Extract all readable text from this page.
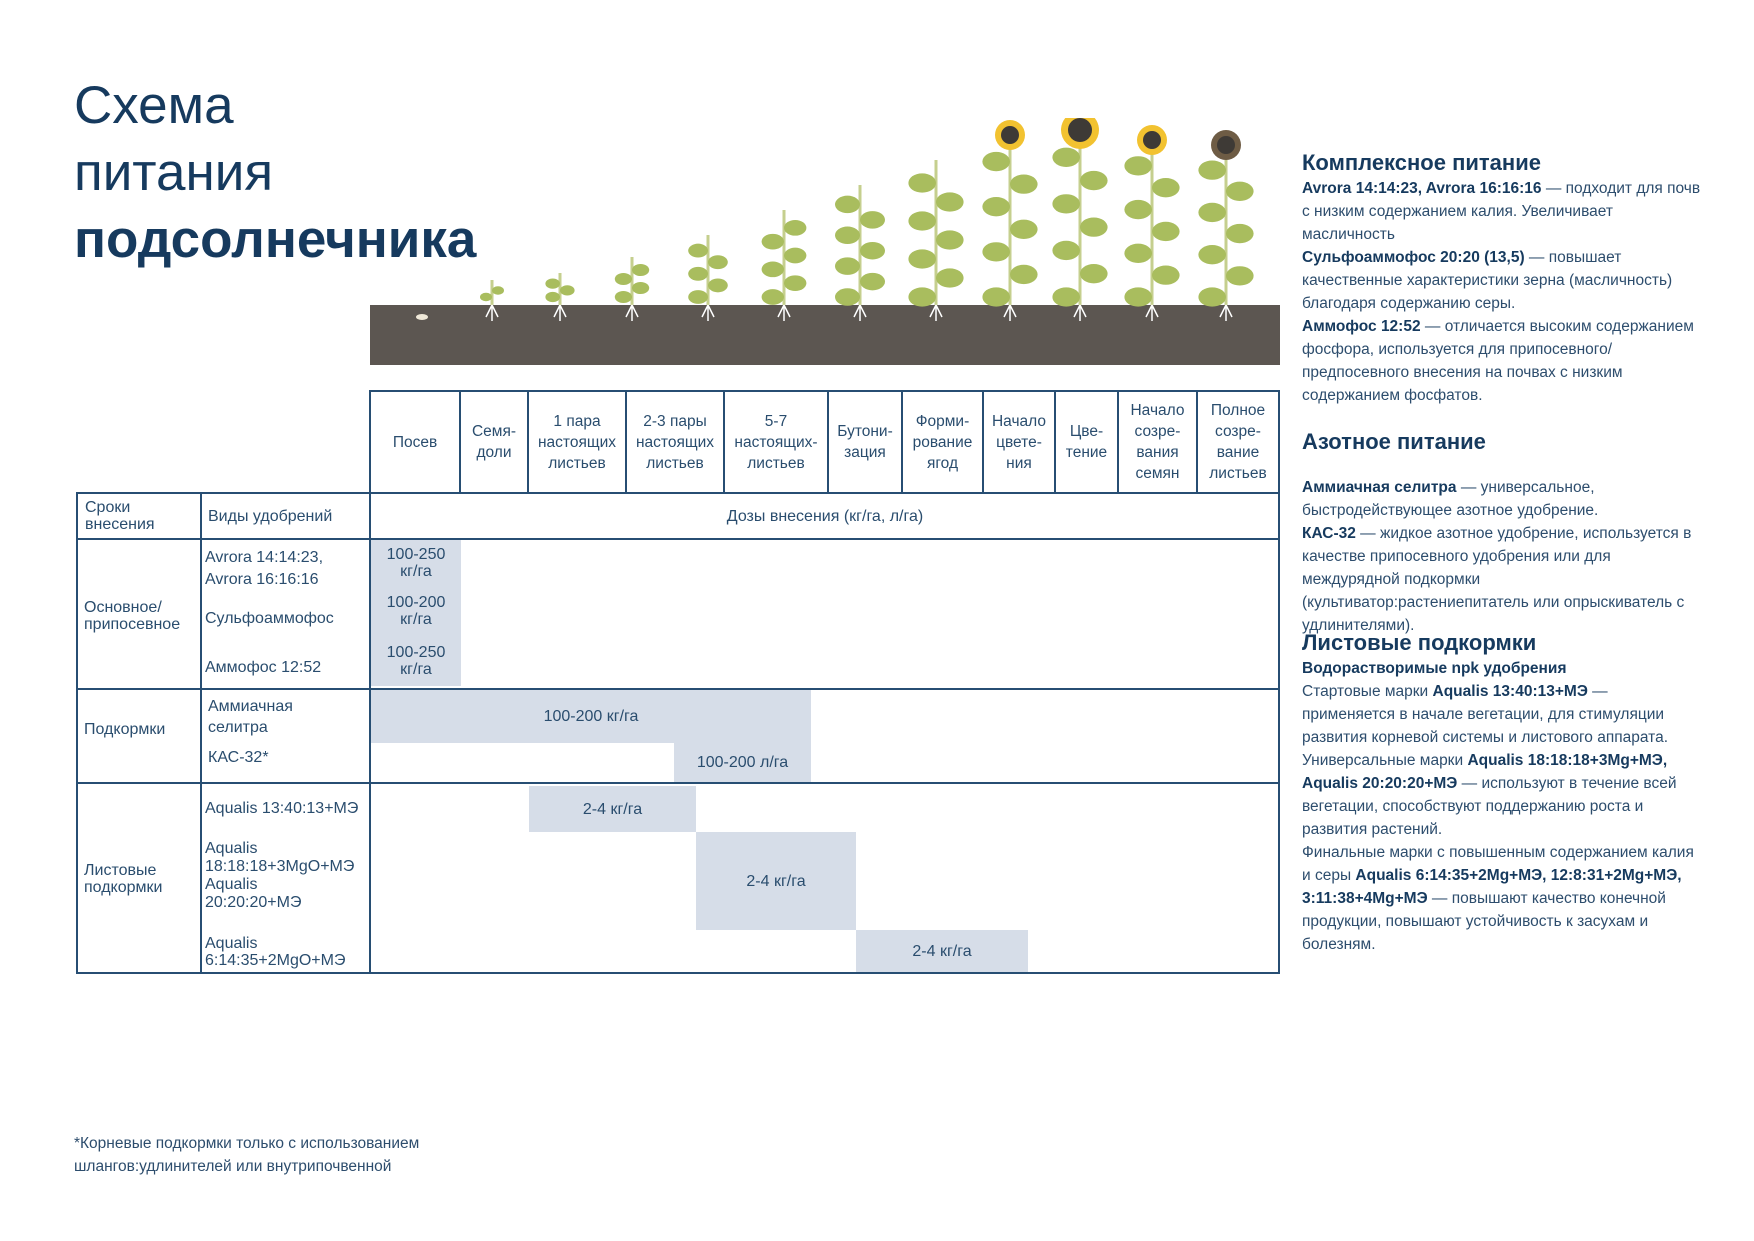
Схема
питания
подсолнечника
Посев
Семя-
доли
1 пара
настоящих
листьев
2-3 пары
настоящих
листьев
5-7
настоящих-
листьев
Бутони-
зация
Форми-
рование
ягод
Начало
цвете-
ния
Цве-
тение
Начало
созре-
вания
семян
Полное
созре-
вание
листьев
Сроки
внесения	Виды удобрений	Дозы внесения (кг/га, л/га)
Основное/
припосевное
Подкормки
Листовые
подкормки
Avrora 14:14:23,
Avrora 16:16:16
Сульфоаммофос
Аммофос 12:52
Аммиачная
селитра
КАС-32*
Aqualis 13:40:13+МЭ
Aqualis
18:18:18+3MgO+МЭ
Aqualis
20:20:20+МЭ
Aqualis
6:14:35+2MgO+МЭ
100-250
кг/га
100-200
кг/га
100-250
кг/га
100-200 кг/га
100-200 л/га
2-4 кг/га
2-4 кг/га
2-4 кг/га
Комплексное питание

Avrora 14:14:23, Avrora 16:16:16 — подходит для почв с низким содержанием калия. Увеличивает масличность

Сульфоаммофос 20:20 (13,5) — повышает качественные характеристики зерна (масличность) благодаря содержанию серы.

Аммофос 12:52 — отличается высоким содержанием фосфора, используется для припосевного/ предпосевного внесения на почвах с низким содержанием фосфатов.

Азотное питание

Аммиачная селитра — универсальное, быстродействующее азотное удобрение.

КАС-32 — жидкое азотное удобрение, используется в качестве припосевного удобрения или для междурядной подкормки (культиватор:растениепитатель или опрыскиватель с удлинителями).

Листовые подкормки
Водорастворимые npk удобрения

Стартовые марки Aqualis 13:40:13+МЭ — применяется в начале вегетации, для стимуляции развития корневой системы и листового аппарата.

Универсальные марки Aqualis 18:18:18+3Mg+МЭ, Aqualis 20:20:20+МЭ — используют в течение всей вегетации, способствуют поддержанию роста и развития растений.

Финальные марки с повышенным содержанием калия и серы Aqualis 6:14:35+2Mg+МЭ, 12:8:31+2Mg+МЭ, 3:11:38+4Mg+МЭ — повышают качество конечной продукции, повышают устойчивость к засухам и болезням.

*Корневые подкормки только с использованием шлангов:удлинителей или внутрипочвенной
